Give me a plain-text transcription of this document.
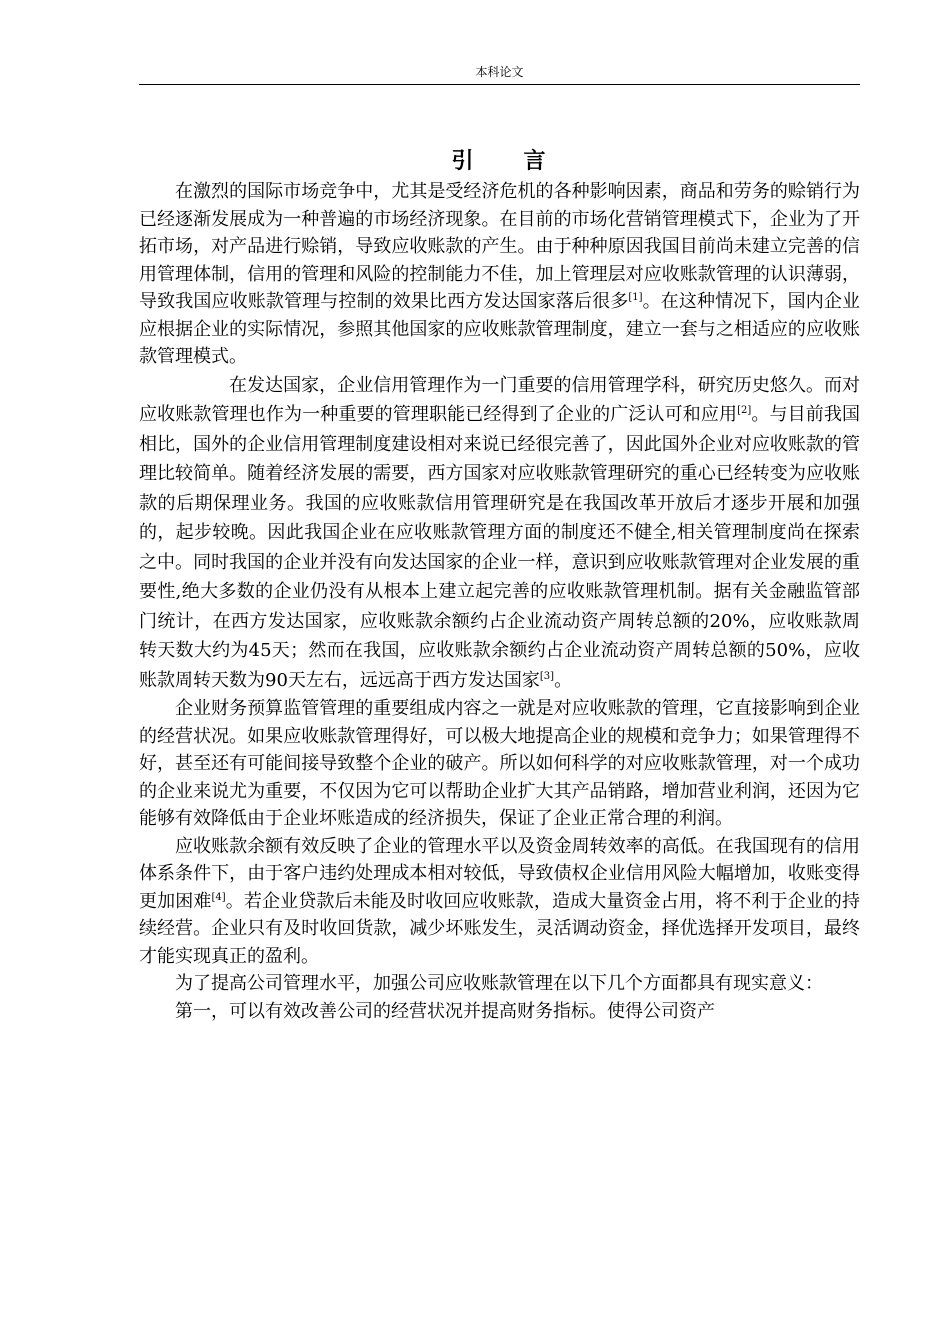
本科论文
引 言

在激烈的国际市场竞争中，尤其是受经济危机的各种影响因素，商品和劳务的赊销行为已经逐渐发展成为一种普遍的市场经济现象。在目前的市场化营销管理模式下，企业为了开拓市场，对产品进行赊销，导致应收账款的产生。由于种种原因我国目前尚未建立完善的信用管理体制，信用的管理和风险的控制能力不佳，加上管理层对应收账款管理的认识薄弱，导致我国应收账款管理与控制的效果比西方发达国家落后很多[1]。在这种情况下，国内企业应根据企业的实际情况，参照其他国家的应收账款管理制度，建立一套与之相适应的应收账款管理模式。

在发达国家，企业信用管理作为一门重要的信用管理学科，研究历史悠久。而对应收账款管理也作为一种重要的管理职能已经得到了企业的广泛认可和应用[2]。与目前我国相比，国外的企业信用管理制度建设相对来说已经很完善了，因此国外企业对应收账款的管理比较简单。随着经济发展的需要，西方国家对应收账款管理研究的重心已经转变为应收账款的后期保理业务。我国的应收账款信用管理研究是在我国改革开放后才逐步开展和加强的，起步较晚。因此我国企业在应收账款管理方面的制度还不健全,相关管理制度尚在探索之中。同时我国的企业并没有向发达国家的企业一样，意识到应收账款管理对企业发展的重要性,绝大多数的企业仍没有从根本上建立起完善的应收账款管理机制。据有关金融监管部门统计，在西方发达国家，应收账款余额约占企业流动资产周转总额的20%，应收账款周转天数大约为45天；然而在我国，应收账款余额约占企业流动资产周转总额的50%，应收账款周转天数为90天左右，远远高于西方发达国家[3]。

企业财务预算监管管理的重要组成内容之一就是对应收账款的管理，它直接影响到企业的经营状况。如果应收账款管理得好，可以极大地提高企业的规模和竞争力；如果管理得不好，甚至还有可能间接导致整个企业的破产。所以如何科学的对应收账款管理，对一个成功的企业来说尤为重要，不仅因为它可以帮助企业扩大其产品销路，增加营业利润，还因为它能够有效降低由于企业坏账造成的经济损失，保证了企业正常合理的利润。

应收账款余额有效反映了企业的管理水平以及资金周转效率的高低。在我国现有的信用体系条件下，由于客户违约处理成本相对较低，导致债权企业信用风险大幅增加，收账变得更加困难[4]。若企业贷款后未能及时收回应收账款，造成大量资金占用，将不利于企业的持续经营。企业只有及时收回货款，减少坏账发生，灵活调动资金，择优选择开发项目，最终才能实现真正的盈利。

为了提高公司管理水平，加强公司应收账款管理在以下几个方面都具有现实意义：

第一，可以有效改善公司的经营状况并提高财务指标。使得公司资产
